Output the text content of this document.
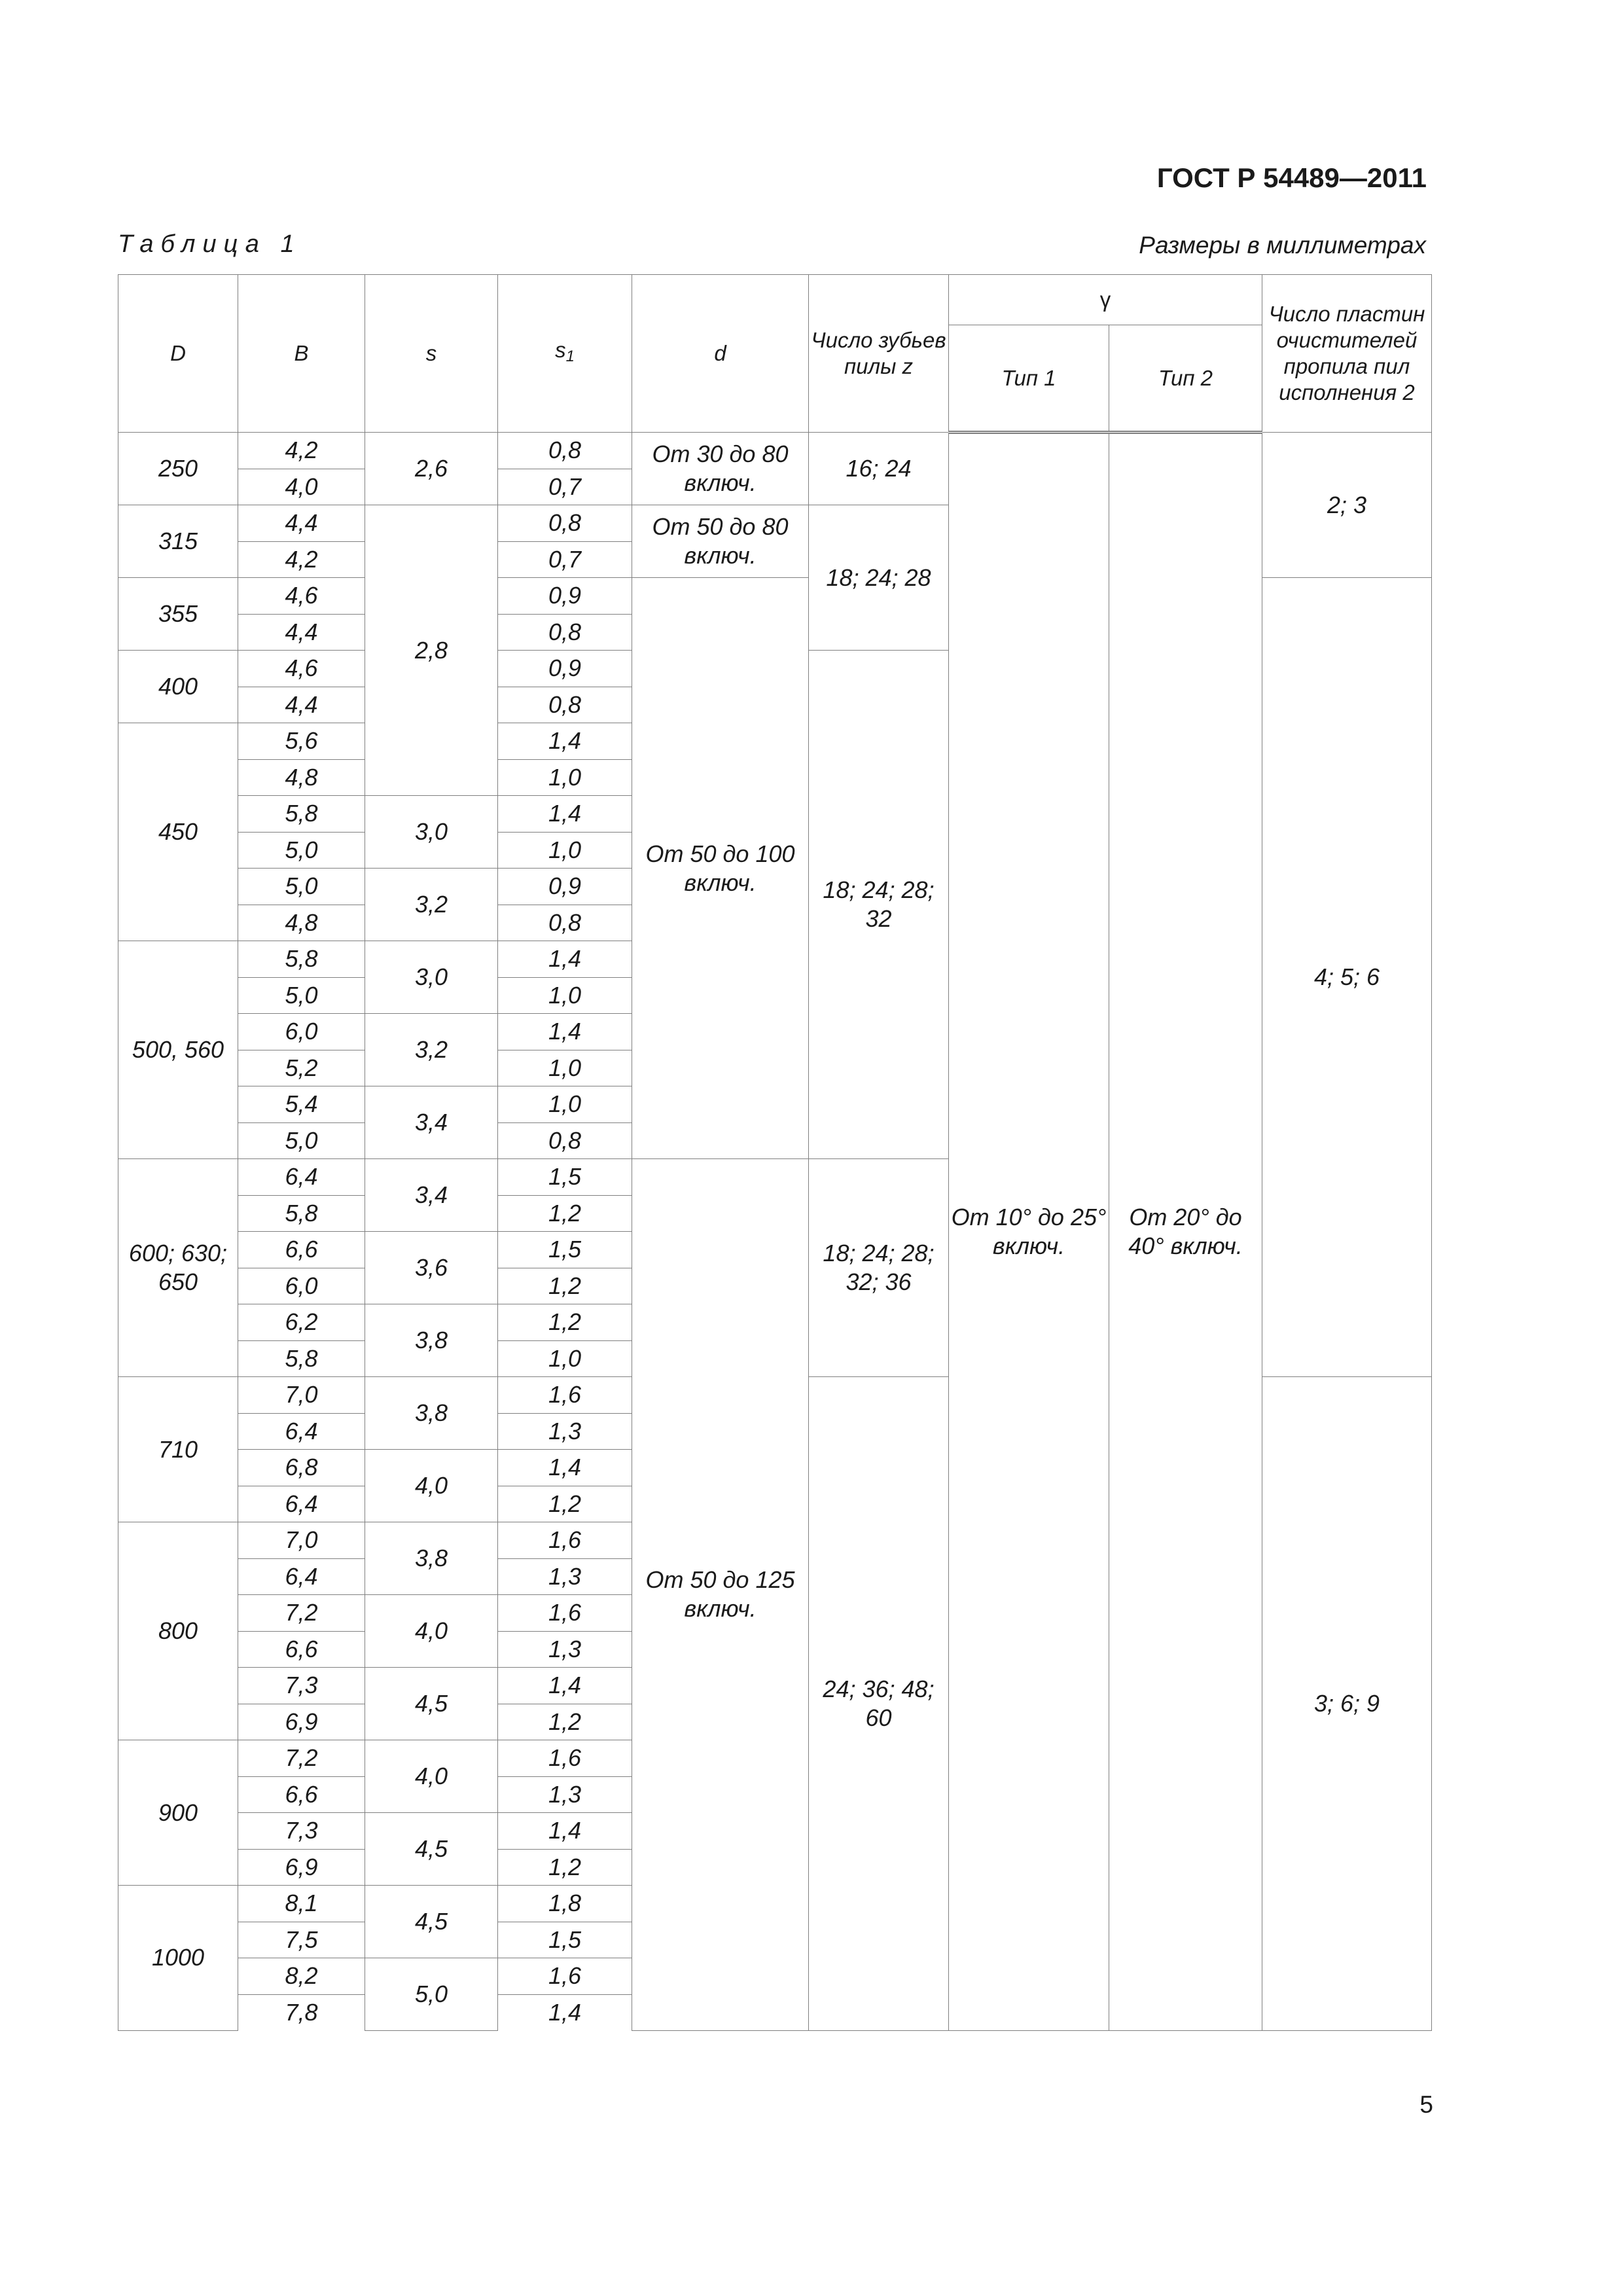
ГОСТ Р 54489—2011
Таблица 1	Размеры в миллиметрах
D	B	s	$s_1$	d	Число зубьев пилы z	γ		Число пластин очистителей пропила пил исполнения 2
						Тип 1	Тип 2	
250	4,2	2,6	0,8	От 30 до 80 включ.	16; 24	От 10° до 25° включ.	От 20° до 40° включ.	2; 3
	4,0		0,7					
315	4,4	2,8	0,8	От 50 до 80 включ.	18; 24; 28			
	4,2		0,7					
355	4,6		0,9	От 50 до 100 включ.				4; 5; 6
	4,4		0,8					
400	4,6		0,9		18; 24; 28; 32			
	4,4		0,8					
450	5,6		1,4					
	4,8		1,0					
	5,8	3,0	1,4					
	5,0		1,0					
	5,0	3,2	0,9					
	4,8		0,8					
500, 560	5,8	3,0	1,4					
	5,0		1,0					
	6,0	3,2	1,4					
	5,2		1,0					
	5,4	3,4	1,0					
	5,0		0,8					
600; 630; 650	6,4	3,4	1,5	От 50 до 125 включ.	18; 24; 28; 32; 36			
	5,8		1,2					
	6,6	3,6	1,5					
	6,0		1,2					
	6,2	3,8	1,2					
	5,8		1,0					
710	7,0	3,8	1,6		24; 36; 48; 60			3; 6; 9
	6,4		1,3					
	6,8	4,0	1,4					
	6,4		1,2					
800	7,0	3,8	1,6					
	6,4		1,3					
	7,2	4,0	1,6					
	6,6		1,3					
	7,3	4,5	1,4					
	6,9		1,2					
900	7,2	4,0	1,6					
	6,6		1,3					
	7,3	4,5	1,4					
	6,9		1,2					
1000	8,1	4,5	1,8					
	7,5		1,5					
	8,2	5,0	1,6					
	7,8		1,4					
5
